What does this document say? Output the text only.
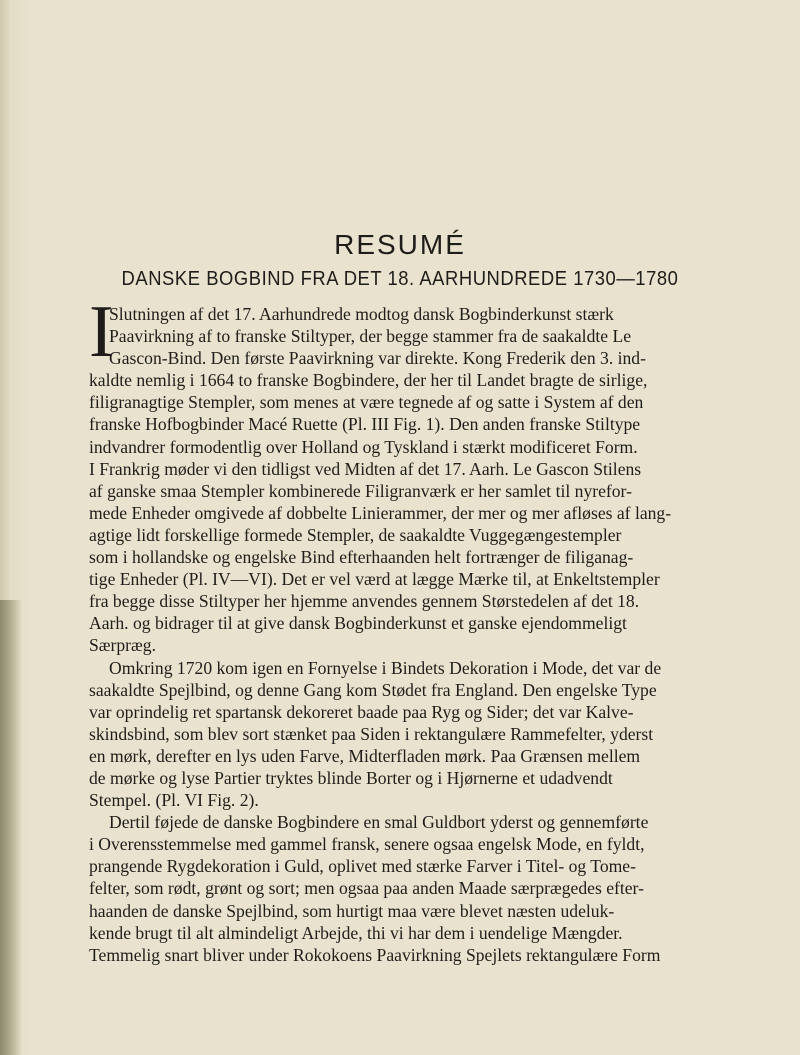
RESUMÉ
DANSKE BOGBIND FRA DET 18. AARHUNDREDE 1730—1780
I
Slutningen af det 17. Aarhundrede modtog dansk Bogbinderkunst stærk
Paavirkning af to franske Stiltyper, der begge stammer fra de saakaldte Le
Gascon-Bind. Den første Paavirkning var direkte. Kong Frederik den 3. ind-
kaldte nemlig i 1664 to franske Bogbindere, der her til Landet bragte de sirlige,
filigranagtige Stempler, som menes at være tegnede af og satte i System af den
franske Hofbogbinder Macé Ruette (Pl. III Fig. 1). Den anden franske Stiltype
indvandrer formodentlig over Holland og Tyskland i stærkt modificeret Form.
I Frankrig møder vi den tidligst ved Midten af det 17. Aarh. Le Gascon Stilens
af ganske smaa Stempler kombinerede Filigranværk er her samlet til nyrefor-
mede Enheder omgivede af dobbelte Linierammer, der mer og mer afløses af lang-
agtige lidt forskellige formede Stempler, de saakaldte Vuggegængestempler
som i hollandske og engelske Bind efterhaanden helt fortrænger de filiganag-
tige Enheder (Pl. IV—VI). Det er vel værd at lægge Mærke til, at Enkeltstempler
fra begge disse Stiltyper her hjemme anvendes gennem Størstedelen af det 18.
Aarh. og bidrager til at give dansk Bogbinderkunst et ganske ejendommeligt
Særpræg.
Omkring 1720 kom igen en Fornyelse i Bindets Dekoration i Mode, det var de
saakaldte Spejlbind, og denne Gang kom Stødet fra England. Den engelske Type
var oprindelig ret spartansk dekoreret baade paa Ryg og Sider; det var Kalve-
skindsbind, som blev sort stænket paa Siden i rektangulære Rammefelter, yderst
en mørk, derefter en lys uden Farve, Midterfladen mørk. Paa Grænsen mellem
de mørke og lyse Partier tryktes blinde Borter og i Hjørnerne et udadvendt
Stempel. (Pl. VI Fig. 2).
Dertil føjede de danske Bogbindere en smal Guldbort yderst og gennemførte
i Overensstemmelse med gammel fransk, senere ogsaa engelsk Mode, en fyldt,
prangende Rygdekoration i Guld, oplivet med stærke Farver i Titel- og Tome-
felter, som rødt, grønt og sort; men ogsaa paa anden Maade særprægedes efter-
haanden de danske Spejlbind, som hurtigt maa være blevet næsten udeluk-
kende brugt til alt almindeligt Arbejde, thi vi har dem i uendelige Mængder.
Temmelig snart bliver under Rokokoens Paavirkning Spejlets rektangulære Form
